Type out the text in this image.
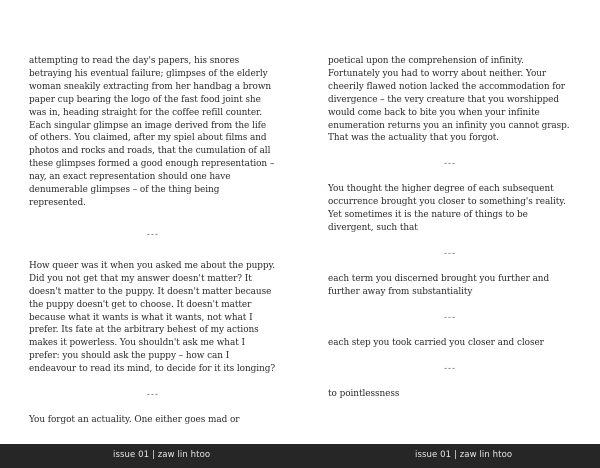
attempting to read the day's papers, his snores betraying his eventual failure; glimpses of the elderly woman sneakily extracting from her handbag a brown paper cup bearing the logo of the fast food joint she was in, heading straight for the coffee refill counter. Each singular glimpse an image derived from the life of others. You claimed, after my spiel about films and photos and rocks and roads, that the cumulation of all these glimpses formed a good enough representation – nay, an exact representation should one have denumerable glimpses – of the thing being represented.

---

How queer was it when you asked me about the puppy. Did you not get that my answer doesn't matter? It doesn't matter to the puppy. It doesn't matter because the puppy doesn't get to choose. It doesn't matter because what it wants is what it wants, not what I prefer. Its fate at the arbitrary behest of my actions makes it powerless. You shouldn't ask me what I prefer: you should ask the puppy – how can I endeavour to read its mind, to decide for it its longing?

---

You forgot an actuality. One either goes mad or

poetical upon the comprehension of infinity. Fortunately you had to worry about neither. Your cheerily flawed notion lacked the accommodation for divergence – the very creature that you worshipped would come back to bite you when your infinite enumeration returns you an infinity you cannot grasp. That was the actuality that you forgot.

---

You thought the higher degree of each subsequent occurrence brought you closer to something's reality. Yet sometimes it is the nature of things to be divergent, such that

---

each term you discerned brought you further and further away from substantiality

---

each step you took carried you closer and closer

---

to pointlessness

issue 01 | zaw lin htoo	issue 01 | zaw lin htoo
